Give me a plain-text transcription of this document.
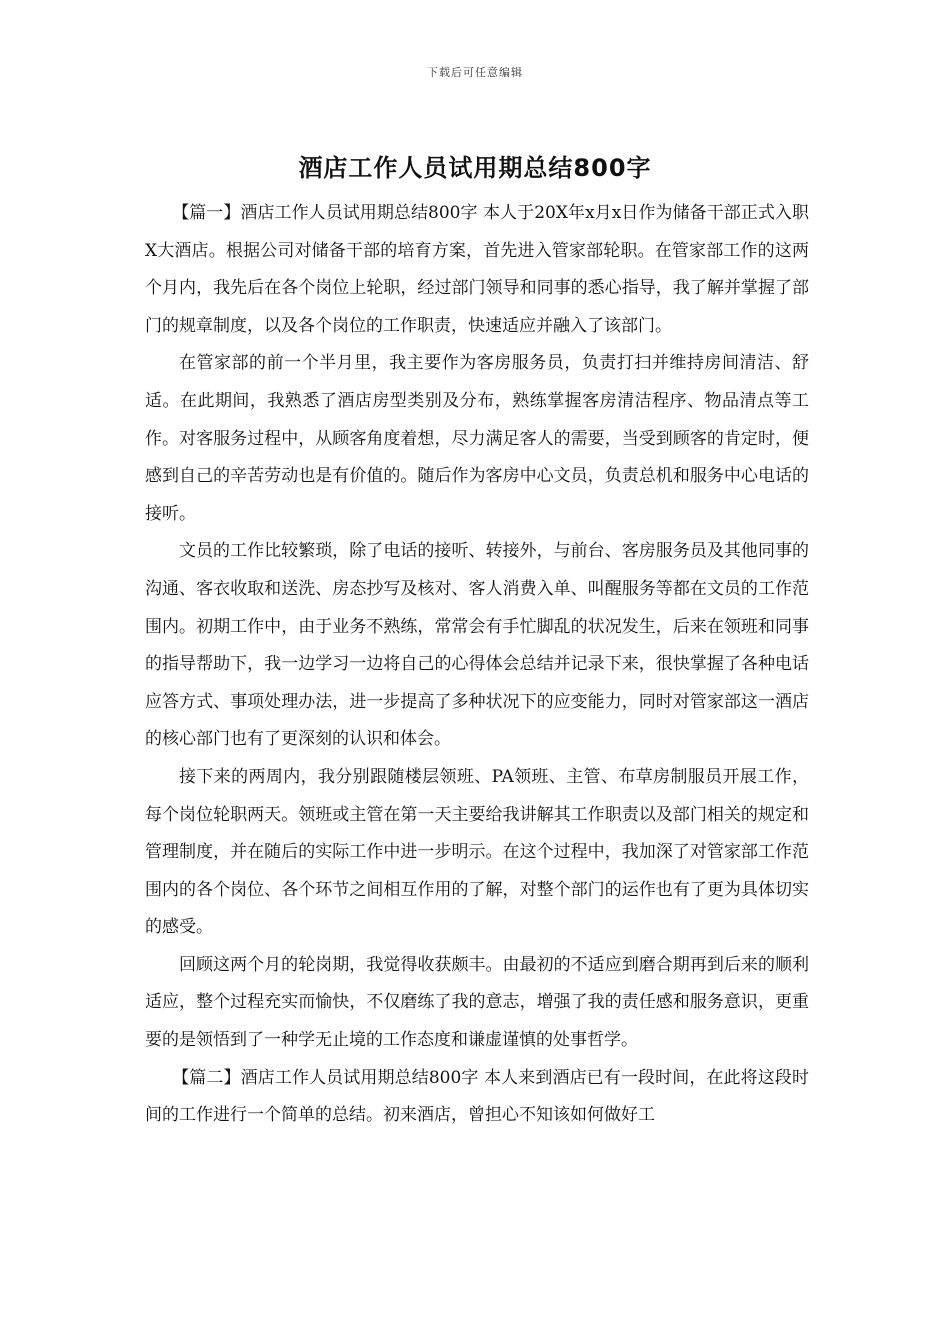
下载后可任意编辑
酒店工作人员试用期总结800字

【篇一】酒店工作人员试用期总结800字 本人于20X年x月x日作为储备干部正式入职X大酒店。根据公司对储备干部的培育方案，首先进入管家部轮职。在管家部工作的这两个月内，我先后在各个岗位上轮职，经过部门领导和同事的悉心指导，我了解并掌握了部门的规章制度，以及各个岗位的工作职责，快速适应并融入了该部门。

在管家部的前一个半月里，我主要作为客房服务员，负责打扫并维持房间清洁、舒适。在此期间，我熟悉了酒店房型类别及分布，熟练掌握客房清洁程序、物品清点等工作。对客服务过程中，从顾客角度着想，尽力满足客人的需要，当受到顾客的肯定时，便感到自己的辛苦劳动也是有价值的。随后作为客房中心文员，负责总机和服务中心电话的接听。

文员的工作比较繁琐，除了电话的接听、转接外，与前台、客房服务员及其他同事的沟通、客衣收取和送洗、房态抄写及核对、客人消费入单、叫醒服务等都在文员的工作范围内。初期工作中，由于业务不熟练，常常会有手忙脚乱的状况发生，后来在领班和同事的指导帮助下，我一边学习一边将自己的心得体会总结并记录下来，很快掌握了各种电话应答方式、事项处理办法，进一步提高了多种状况下的应变能力，同时对管家部这一酒店的核心部门也有了更深刻的认识和体会。

接下来的两周内，我分别跟随楼层领班、PA领班、主管、布草房制服员开展工作，每个岗位轮职两天。领班或主管在第一天主要给我讲解其工作职责以及部门相关的规定和管理制度，并在随后的实际工作中进一步明示。在这个过程中，我加深了对管家部工作范围内的各个岗位、各个环节之间相互作用的了解，对整个部门的运作也有了更为具体切实的感受。

回顾这两个月的轮岗期，我觉得收获颇丰。由最初的不适应到磨合期再到后来的顺利适应，整个过程充实而愉快，不仅磨练了我的意志，增强了我的责任感和服务意识，更重要的是领悟到了一种学无止境的工作态度和谦虚谨慎的处事哲学。

【篇二】酒店工作人员试用期总结800字 本人来到酒店已有一段时间，在此将这段时间的工作进行一个简单的总结。初来酒店，曾担心不知该如何做好工
